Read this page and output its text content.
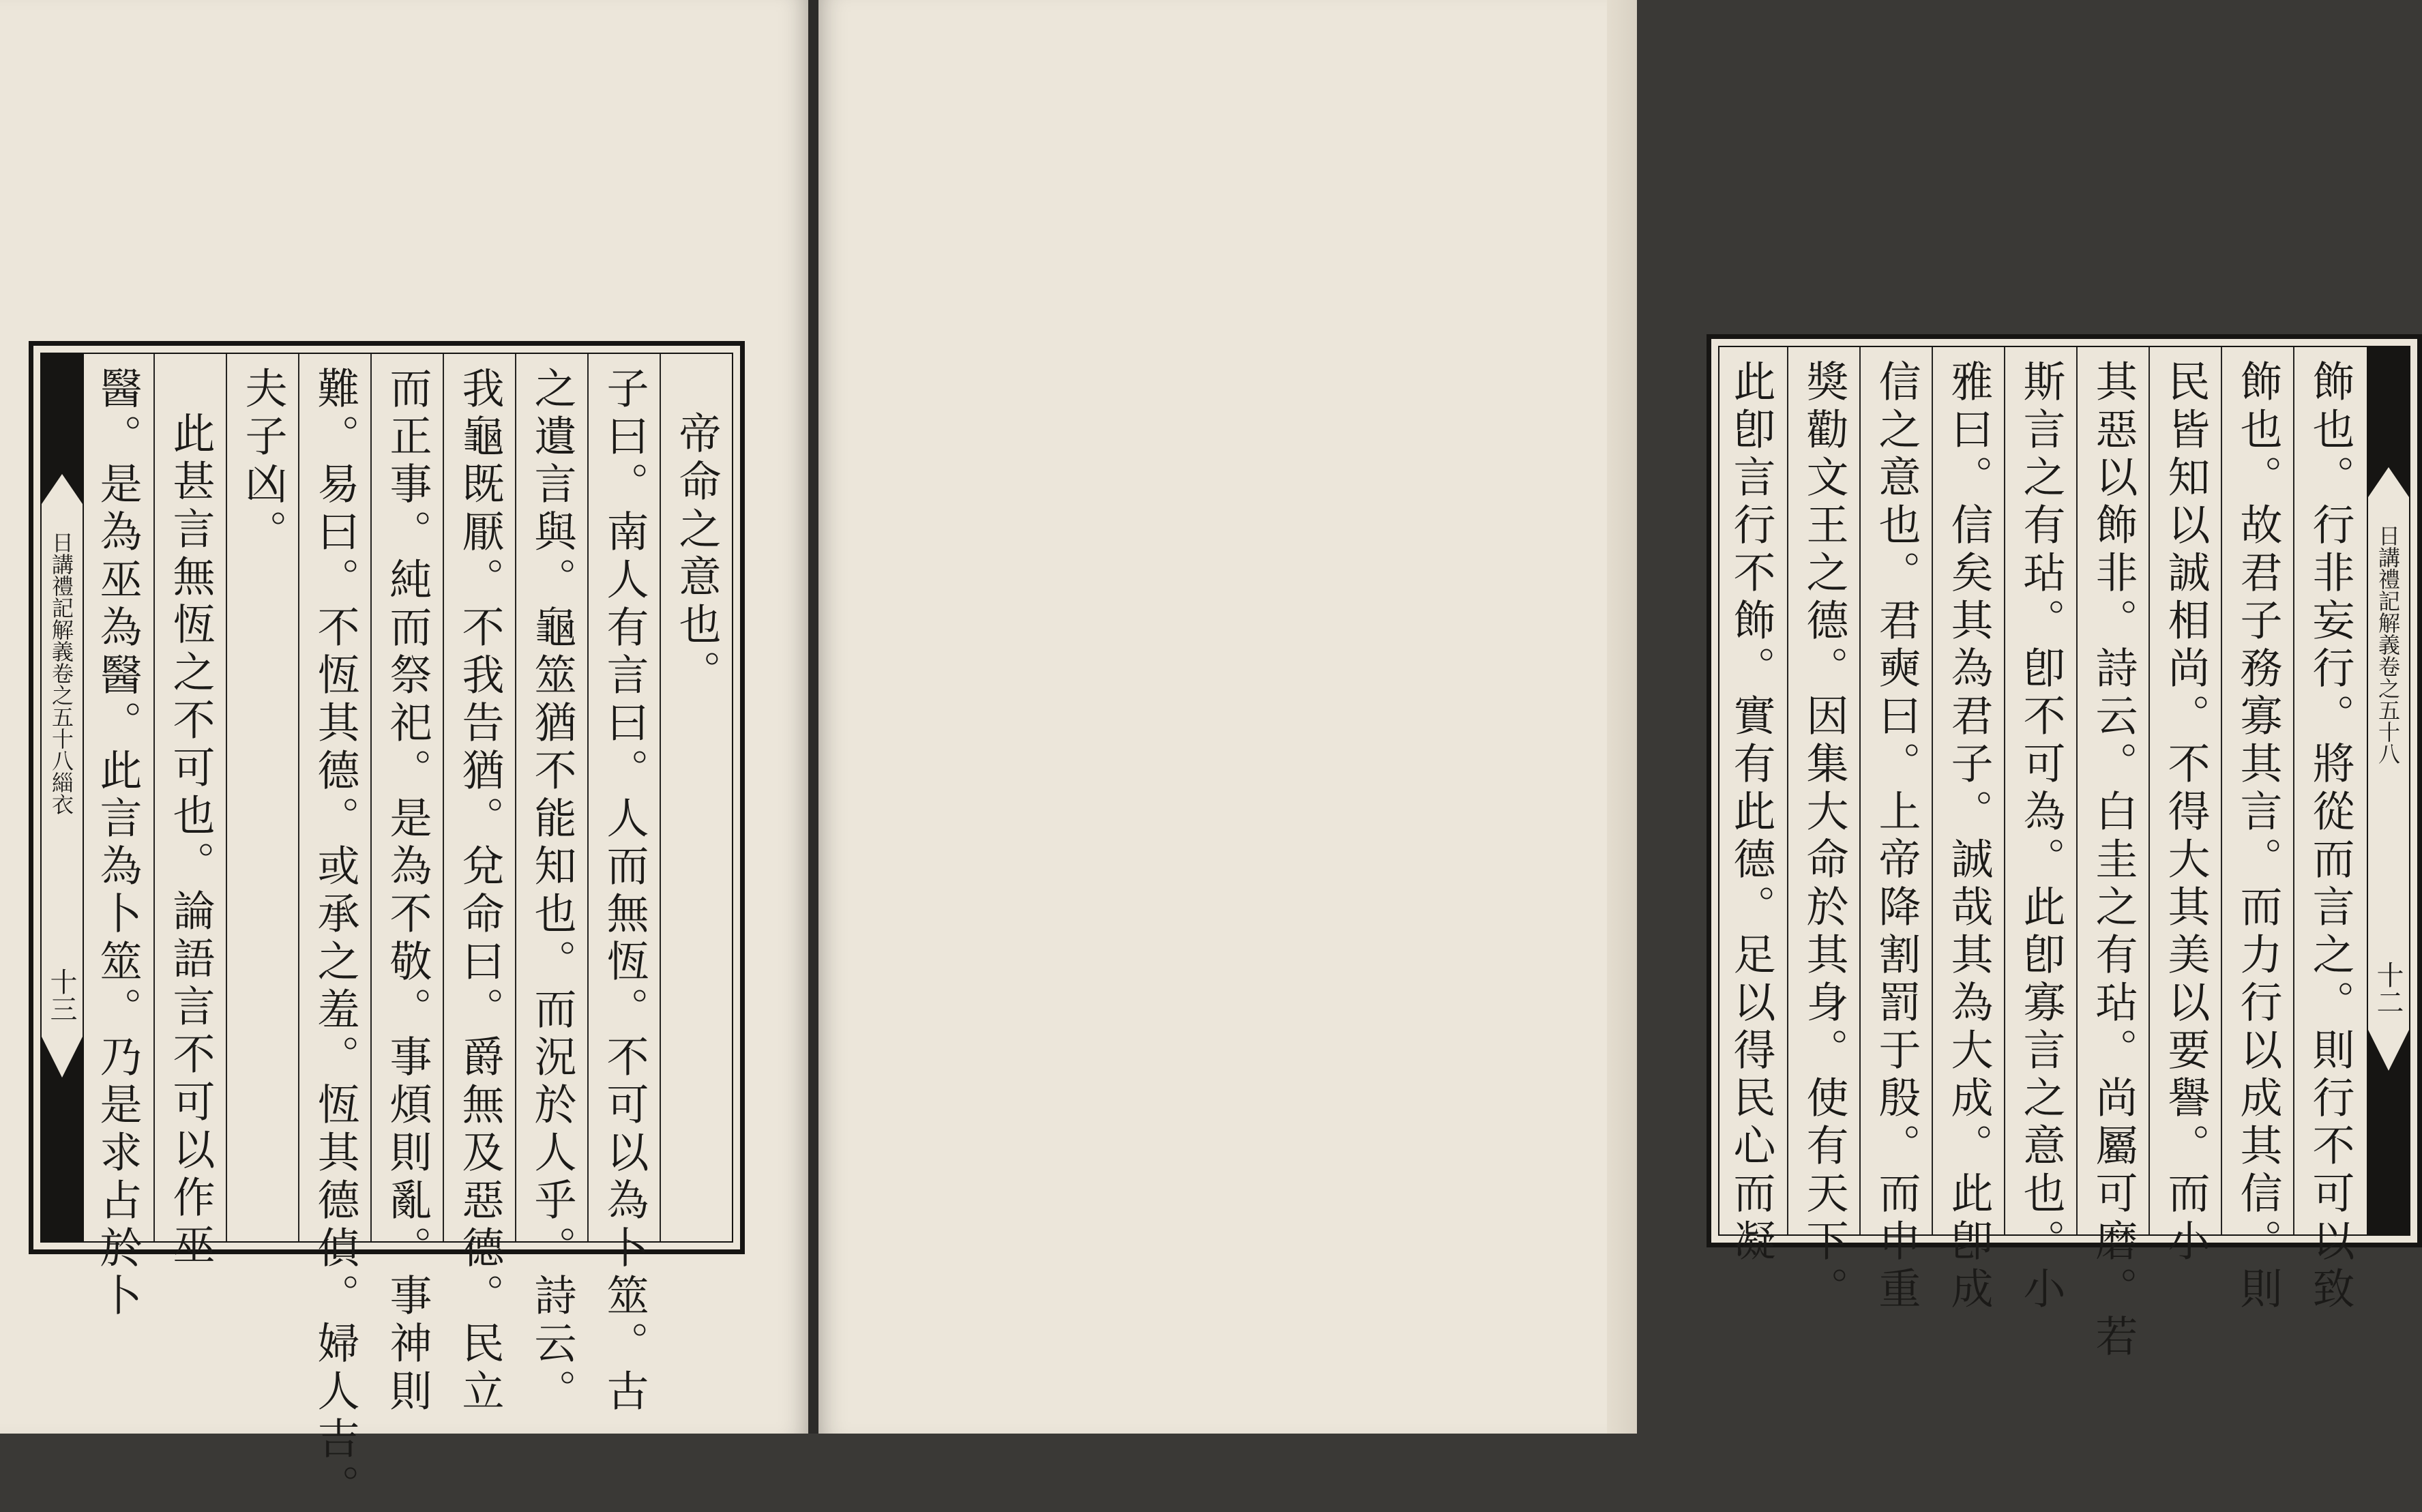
日講禮記解義卷之五十八緇衣
十三
帝命之意也。
子曰。南人有言曰。人而無恆。不可以為卜筮。古
之遺言與。龜筮猶不能知也。而況於人乎。詩云。
我龜既厭。不我告猶。兌命曰。爵無及惡德。民立
而正事。純而祭祀。是為不敬。事煩則亂。事神則
難。易曰。不恆其德。或承之羞。恆其德偵。婦人吉。
夫子凶。
此甚言無恆之不可也。論語言不可以作巫
醫。是為巫為醫。此言為卜筮。乃是求占於卜	日講禮記解義卷之五十八
十二
飾也。行非妄行。將從而言之。則行不可以致
飾也。故君子務寡其言。而力行以成其信。則
民皆知以誠相尚。不得大其美以要譽。而小
其惡以飾非。詩云。白圭之有玷。尚屬可磨。若
斯言之有玷。卽不可為。此卽寡言之意也。小
雅曰。信矣其為君子。誠哉其為大成。此卽成
信之意也。君奭曰。上帝降割罰于殷。而申重
獎勸文王之德。因集大命於其身。使有天下。
此卽言行不飾。實有此德。足以得民心而凝
